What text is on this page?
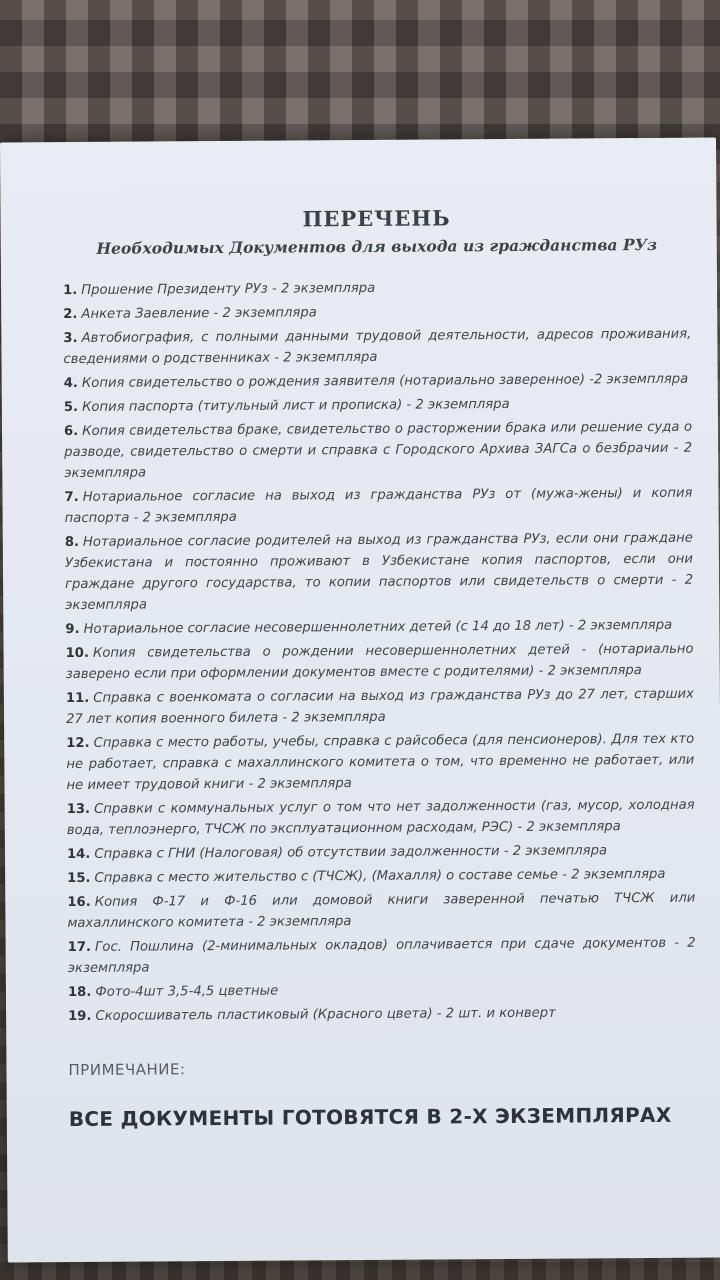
ПЕРЕЧЕНЬ
Необходимых Документов для выхода из гражданства РУз
1. Прошение Президенту РУз - 2 экземпляра
2. Анкета Заевление - 2 экземпляра
3. Автобиография, с полными данными трудовой деятельности, адресов проживания, сведениями о родственниках - 2 экземпляра
4. Копия свидетельство о рождения заявителя (нотариально заверенное) -2 экземпляра
5. Копия паспорта (титульный лист и прописка) - 2 экземпляра
6. Копия свидетельства браке, свидетельство о расторжении брака или решение суда о разводе, свидетельство о смерти и справка с Городского Архива ЗАГСа о безбрачии - 2 экземпляра
7. Нотариальное согласие на выход из гражданства РУз от (мужа-жены) и копия паспорта - 2 экземпляра
8. Нотариальное согласие родителей на выход из гражданства РУз, если они граждане Узбекистана и постоянно проживают в Узбекистане копия паспортов, если они граждане другого государства, то копии паспортов или свидетельств о смерти - 2 экземпляра
9. Нотариальное согласие несовершеннолетних детей (с 14 до 18 лет) - 2 экземпляра
10. Копия свидетельства о рождении несовершеннолетних детей - (нотариально заверено если при оформлении документов вместе с родителями) - 2 экземпляра
11. Справка с военкомата о согласии на выход из гражданства РУз до 27 лет, старших 27 лет копия военного билета - 2 экземпляра
12. Справка с место работы, учебы, справка с райсобеса (для пенсионеров). Для тех кто не работает, справка с махаллинского комитета о том, что временно не работает, или не имеет трудовой книги - 2 экземпляра
13. Справки с коммунальных услуг о том что нет задолженности (газ, мусор, холодная вода, теплоэнерго, ТЧСЖ по эксплуатационном расходам, РЭС) - 2 экземпляра
14. Справка с ГНИ (Налоговая) об отсутствии задолженности - 2 экземпляра
15. Справка с место жительство с (ТЧСЖ), (Махалля) о составе семье - 2 экземпляра
16. Копия Ф-17 и Ф-16 или домовой книги заверенной печатью ТЧСЖ или махаллинского комитета - 2 экземпляра
17. Гос. Пошлина (2-минимальных окладов) оплачивается при сдаче документов - 2 экземпляра
18. Фото-4шт 3,5-4,5 цветные
19. Скоросшиватель пластиковый (Красного цвета) - 2 шт. и конверт
ПРИМЕЧАНИЕ:
ВСЕ ДОКУМЕНТЫ ГОТОВЯТСЯ В 2-Х ЭКЗЕМПЛЯРАХ
